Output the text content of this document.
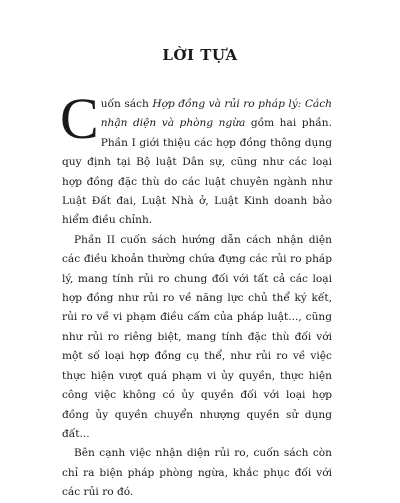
LỜI TỰA

Cuốn sách Hợp đồng và rủi ro pháp lý: Cách nhận diện và phòng ngừa gồm hai phần. Phần I giới thiệu các hợp đồng thông dụng quy định tại Bộ luật Dân sự, cũng như các loại hợp đồng đặc thù do các luật chuyên ngành như Luật Đất đai, Luật Nhà ở, Luật Kinh doanh bảo hiểm điều chỉnh.

Phần II cuốn sách hướng dẫn cách nhận diện các điều khoản thường chứa đựng các rủi ro pháp lý, mang tính rủi ro chung đối với tất cả các loại hợp đồng như rủi ro về năng lực chủ thể ký kết, rủi ro về vi phạm điều cấm của pháp luật..., cũng như rủi ro riêng biệt, mang tính đặc thù đối với một số loại hợp đồng cụ thể, như rủi ro về việc thực hiện vượt quá phạm vi ủy quyền, thực hiện công việc không có ủy quyền đối với loại hợp đồng ủy quyền chuyển nhượng quyền sử dụng đất...

Bên cạnh việc nhận diện rủi ro, cuốn sách còn chỉ ra biện pháp phòng ngừa, khắc phục đối với các rủi ro đó.
